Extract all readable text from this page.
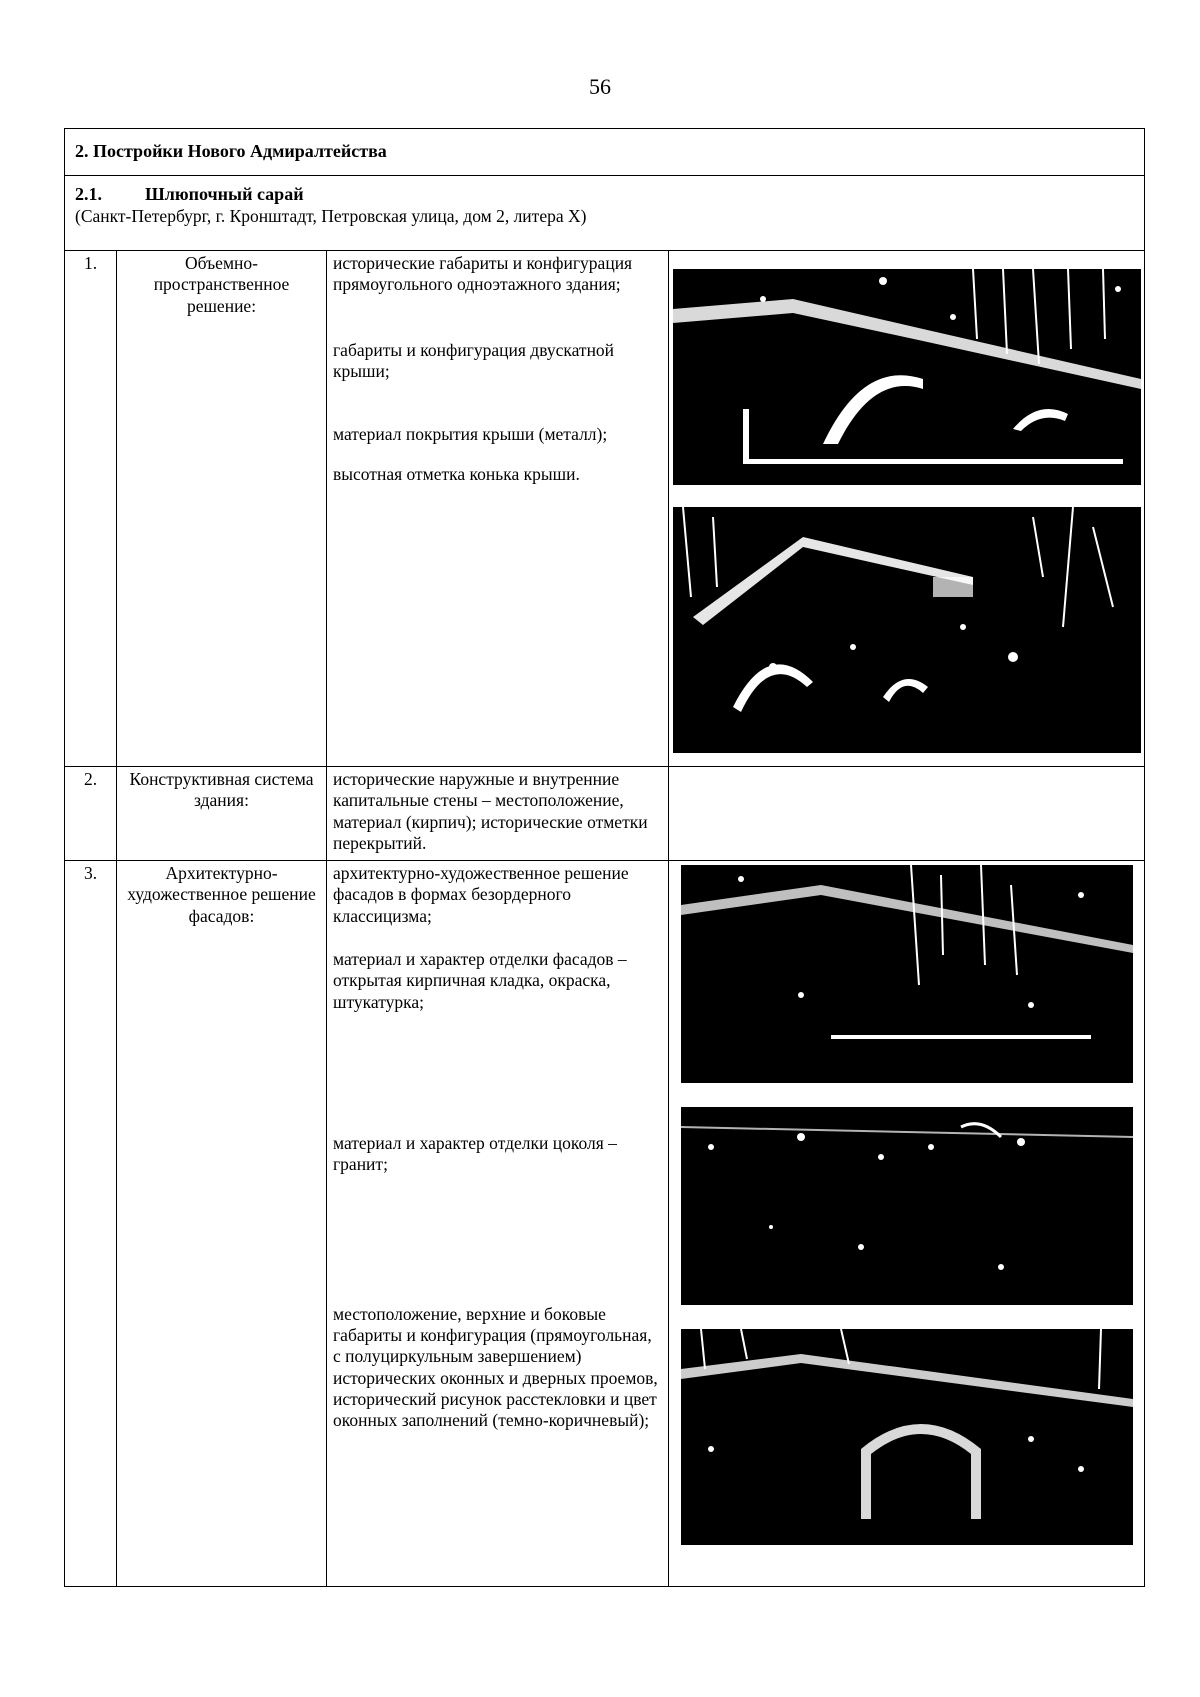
56
2. Постройки Нового Адмиралтейства			

2.1. Шлюпочный сарай
(Санкт-Петербург, г. Кронштадт, Петровская улица, дом 2, литера Х)			

1.	Объемно-пространственное решение:	исторические габариты и конфигурация прямоугольного одноэтажного здания;

габариты и конфигурация двускатной крыши;

материал покрытия крыши (металл);

высотная отметка конька крыши.

2.	Конструктивная система здания:	исторические наружные и внутренние капитальные стены – местоположение, материал (кирпич); исторические отметки перекрытий.	

3.	Архитектурно-художественное решение фасадов:	архитектурно-художественное решение фасадов в формах безордерного классицизма;

материал и характер отделки фасадов – открытая кирпичная кладка, окраска, штукатурка;

материал и характер отделки цоколя – гранит;

местоположение, верхние и боковые габариты и конфигурация (прямоугольная, с полуциркульным завершением) исторических оконных и дверных проемов, исторический рисунок расстекловки и цвет оконных заполнений (темно-коричневый);
